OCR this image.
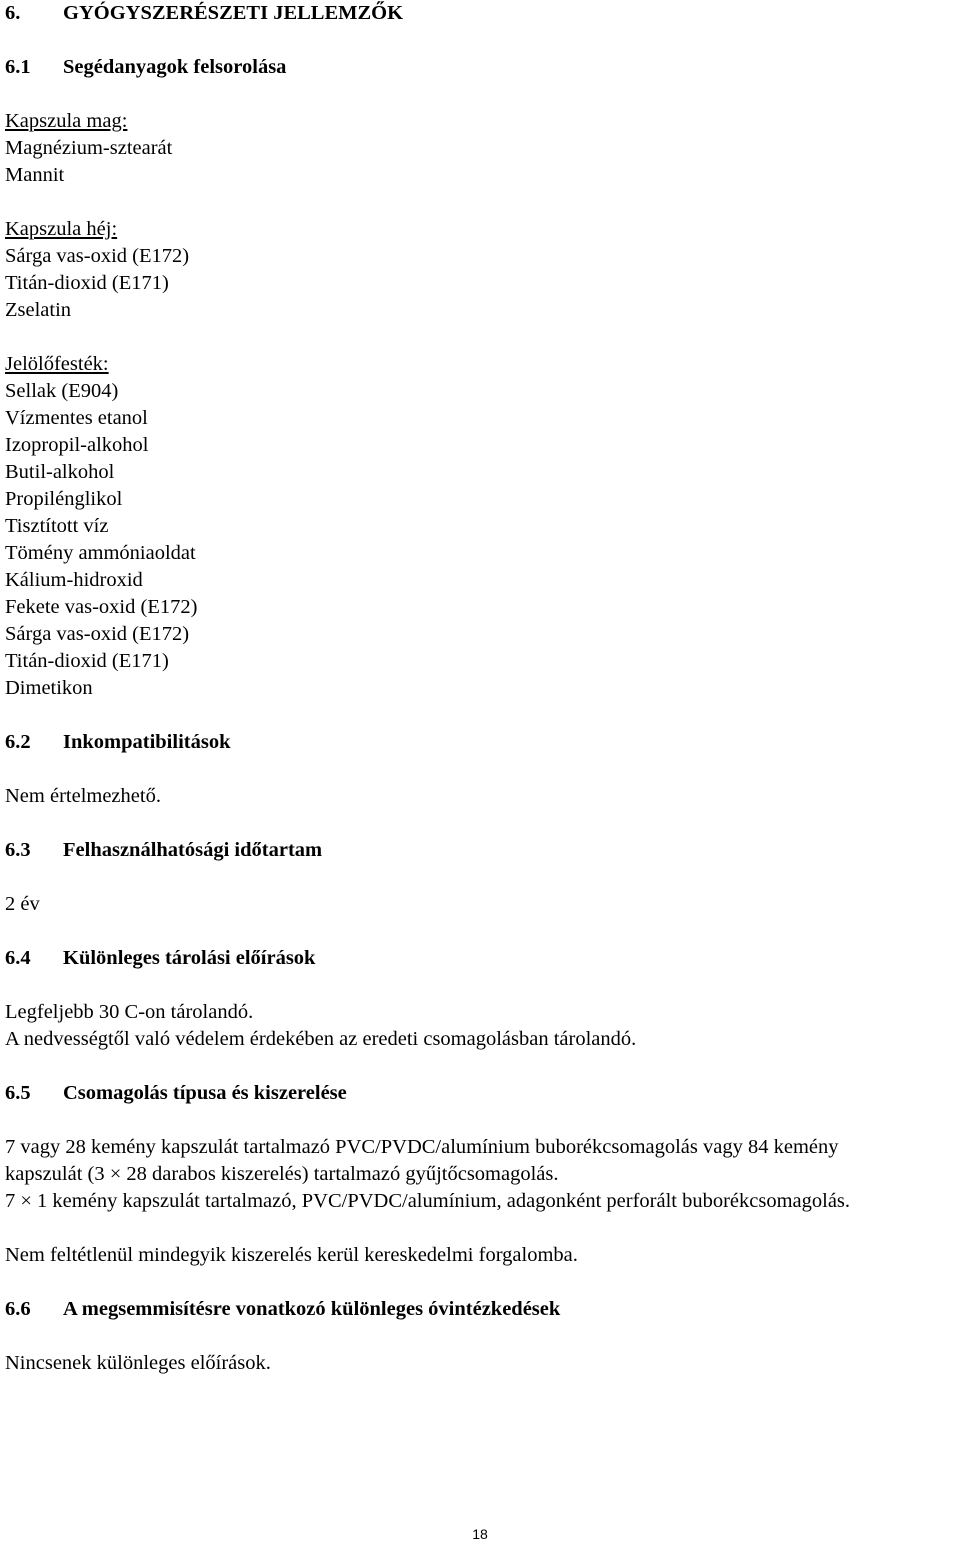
6. GYÓGYSZERÉSZETI JELLEMZŐK
6.1 Segédanyagok felsorolása
Kapszula mag:
Magnézium-sztearát
Mannit
Kapszula héj:
Sárga vas-oxid (E172)
Titán-dioxid (E171)
Zselatin
Jelölőfesték:
Sellak (E904)
Vízmentes etanol
Izopropil-alkohol
Butil-alkohol
Propilénglikol
Tisztított víz
Tömény ammóniaoldat
Kálium-hidroxid
Fekete vas-oxid (E172)
Sárga vas-oxid (E172)
Titán-dioxid (E171)
Dimetikon
6.2 Inkompatibilitások
Nem értelmezhető.
6.3 Felhasználhatósági időtartam
2 év
6.4 Különleges tárolási előírások
Legfeljebb 30 C-on tárolandó.
A nedvességtől való védelem érdekében az eredeti csomagolásban tárolandó.
6.5 Csomagolás típusa és kiszerelése
7 vagy 28 kemény kapszulát tartalmazó PVC/PVDC/alumínium buborékcsomagolás vagy 84 kemény
kapszulát (3 × 28 darabos kiszerelés) tartalmazó gyűjtőcsomagolás.
7 × 1 kemény kapszulát tartalmazó, PVC/PVDC/alumínium, adagonként perforált buborékcsomagolás.
Nem feltétlenül mindegyik kiszerelés kerül kereskedelmi forgalomba.
6.6 A megsemmisítésre vonatkozó különleges óvintézkedések
Nincsenek különleges előírások.
18
